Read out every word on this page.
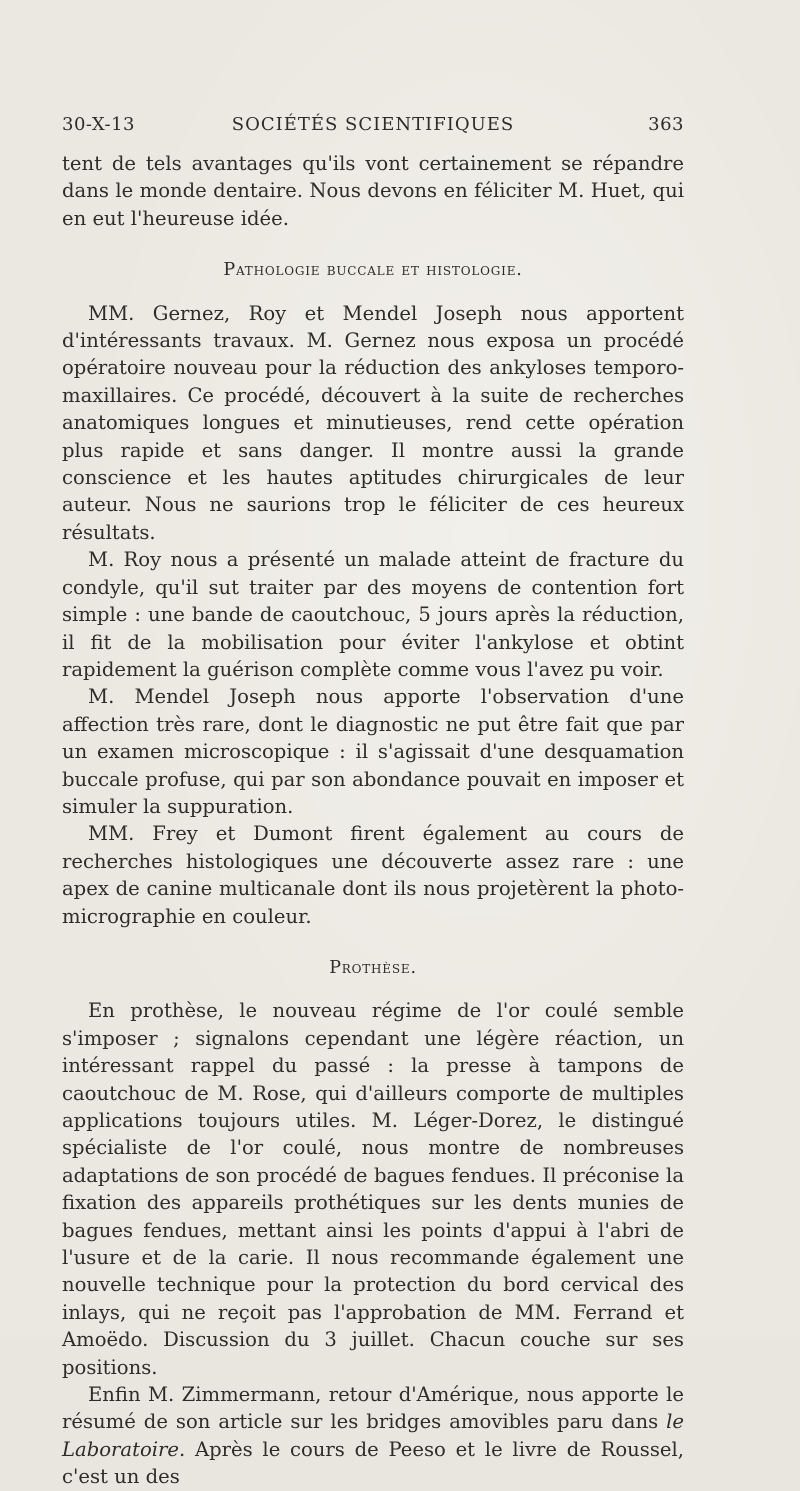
30-X-13	SOCIÉTÉS SCIENTIFIQUES	363

tent de tels avantages qu'ils vont certainement se répandre dans le monde dentaire. Nous devons en féliciter M. Huet, qui en eut l'heureuse idée.

Pathologie buccale et histologie.

MM. Gernez, Roy et Mendel Joseph nous apportent d'intéressants travaux. M. Gernez nous exposa un procédé opératoire nouveau pour la réduction des ankyloses temporo-maxillaires. Ce procédé, découvert à la suite de recherches anatomiques longues et minutieuses, rend cette opération plus rapide et sans danger. Il montre aussi la grande conscience et les hautes aptitudes chirurgicales de leur auteur. Nous ne saurions trop le féliciter de ces heureux résultats.

M. Roy nous a présenté un malade atteint de fracture du condyle, qu'il sut traiter par des moyens de contention fort simple : une bande de caoutchouc, 5 jours après la réduction, il fit de la mobilisation pour éviter l'ankylose et obtint rapidement la guérison complète comme vous l'avez pu voir.

M. Mendel Joseph nous apporte l'observation d'une affection très rare, dont le diagnostic ne put être fait que par un examen microscopique : il s'agissait d'une desquamation buccale profuse, qui par son abondance pouvait en imposer et simuler la suppuration.

MM. Frey et Dumont firent également au cours de recherches histologiques une découverte assez rare : une apex de canine multicanale dont ils nous projetèrent la photo-micrographie en couleur.

Prothèse.

En prothèse, le nouveau régime de l'or coulé semble s'imposer ; signalons cependant une légère réaction, un intéressant rappel du passé : la presse à tampons de caoutchouc de M. Rose, qui d'ailleurs comporte de multiples applications toujours utiles. M. Léger-Dorez, le distingué spécialiste de l'or coulé, nous montre de nombreuses adaptations de son procédé de bagues fendues. Il préconise la fixation des appareils prothétiques sur les dents munies de bagues fendues, mettant ainsi les points d'appui à l'abri de l'usure et de la carie. Il nous recommande également une nouvelle technique pour la protection du bord cervical des inlays, qui ne reçoit pas l'approbation de MM. Ferrand et Amoëdo. Discussion du 3 juillet. Chacun couche sur ses positions.

Enfin M. Zimmermann, retour d'Amérique, nous apporte le résumé de son article sur les bridges amovibles paru dans le Laboratoire. Après le cours de Peeso et le livre de Roussel, c'est un des
